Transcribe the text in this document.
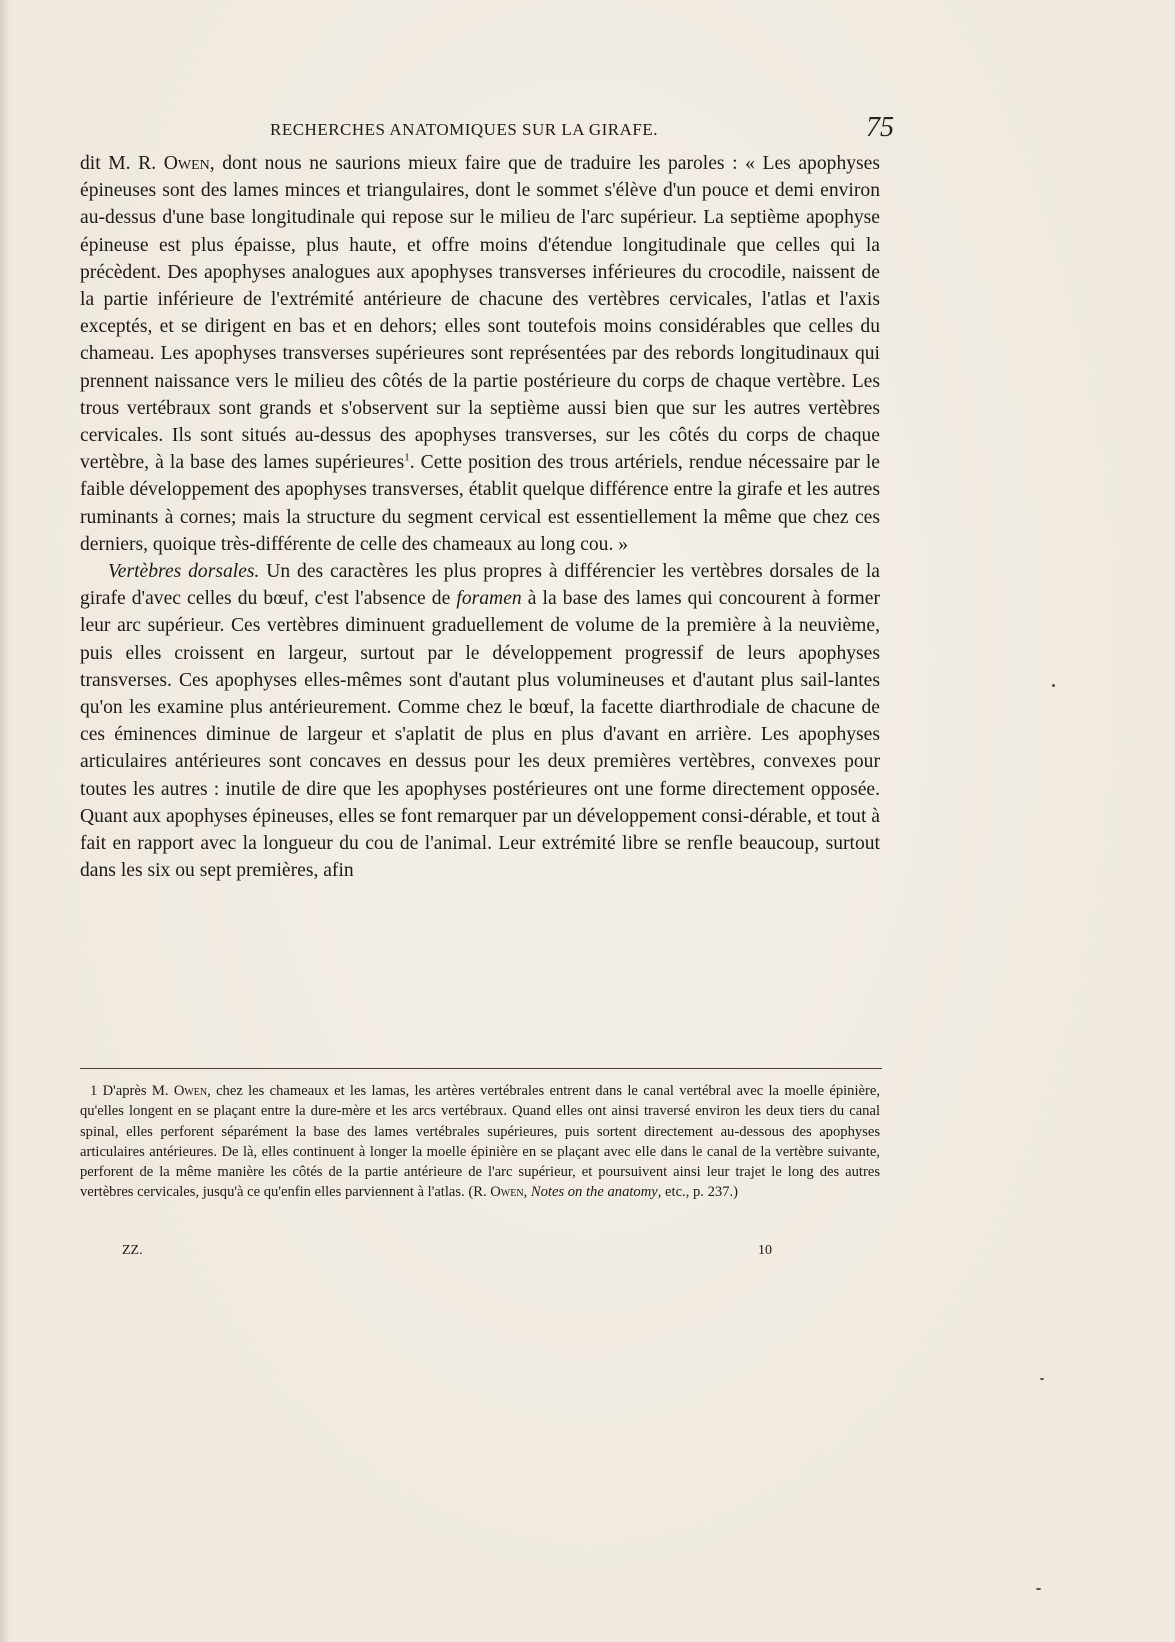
RECHERCHES ANATOMIQUES SUR LA GIRAFE.	75

dit M. R. Owen, dont nous ne saurions mieux faire que de traduire les paroles : « Les apophyses épineuses sont des lames minces et triangulaires, dont le sommet s'élève d'un pouce et demi environ au-dessus d'une base longitudinale qui repose sur le milieu de l'arc supérieur. La septième apophyse épineuse est plus épaisse, plus haute, et offre moins d'étendue longitudinale que celles qui la précèdent. Des apophyses analogues aux apophyses transverses inférieures du crocodile, naissent de la partie inférieure de l'extrémité antérieure de chacune des vertèbres cervicales, l'atlas et l'axis exceptés, et se dirigent en bas et en dehors; elles sont toutefois moins considérables que celles du chameau. Les apophyses transverses supérieures sont représentées par des rebords longitudinaux qui prennent naissance vers le milieu des côtés de la partie postérieure du corps de chaque vertèbre. Les trous vertébraux sont grands et s'observent sur la septième aussi bien que sur les autres vertèbres cervicales. Ils sont situés au-dessus des apophyses transverses, sur les côtés du corps de chaque vertèbre, à la base des lames supérieures$^1$. Cette position des trous artériels, rendue nécessaire par le faible développement des apophyses transverses, établit quelque différence entre la girafe et les autres ruminants à cornes; mais la structure du segment cervical est essentiellement la même que chez ces derniers, quoique très-différente de celle des chameaux au long cou. »

Vertèbres dorsales. Un des caractères les plus propres à différencier les vertèbres dorsales de la girafe d'avec celles du bœuf, c'est l'absence de foramen à la base des lames qui concourent à former leur arc supérieur. Ces vertèbres diminuent graduellement de volume de la première à la neuvième, puis elles croissent en largeur, surtout par le développement progressif de leurs apophyses transverses. Ces apophyses elles-mêmes sont d'autant plus volumineuses et d'autant plus sail-lantes qu'on les examine plus antérieurement. Comme chez le bœuf, la facette diarthrodiale de chacune de ces éminences diminue de largeur et s'aplatit de plus en plus d'avant en arrière. Les apophyses articulaires antérieures sont concaves en dessus pour les deux premières vertèbres, convexes pour toutes les autres : inutile de dire que les apophyses postérieures ont une forme directement opposée. Quant aux apophyses épineuses, elles se font remarquer par un développement consi-dérable, et tout à fait en rapport avec la longueur du cou de l'animal. Leur extrémité libre se renfle beaucoup, surtout dans les six ou sept premières, afin

1 D'après M. Owen, chez les chameaux et les lamas, les artères vertébrales entrent dans le canal vertébral avec la moelle épinière, qu'elles longent en se plaçant entre la dure-mère et les arcs vertébraux. Quand elles ont ainsi traversé environ les deux tiers du canal spinal, elles perforent séparément la base des lames vertébrales supérieures, puis sortent directement au-dessous des apophyses articulaires antérieures. De là, elles continuent à longer la moelle épinière en se plaçant avec elle dans le canal de la vertèbre suivante, perforent de la même manière les côtés de la partie antérieure de l'arc supérieur, et poursuivent ainsi leur trajet le long des autres vertèbres cervicales, jusqu'à ce qu'enfin elles parviennent à l'atlas. (R. Owen, Notes on the anatomy, etc., p. 237.)

ZZ.	10
